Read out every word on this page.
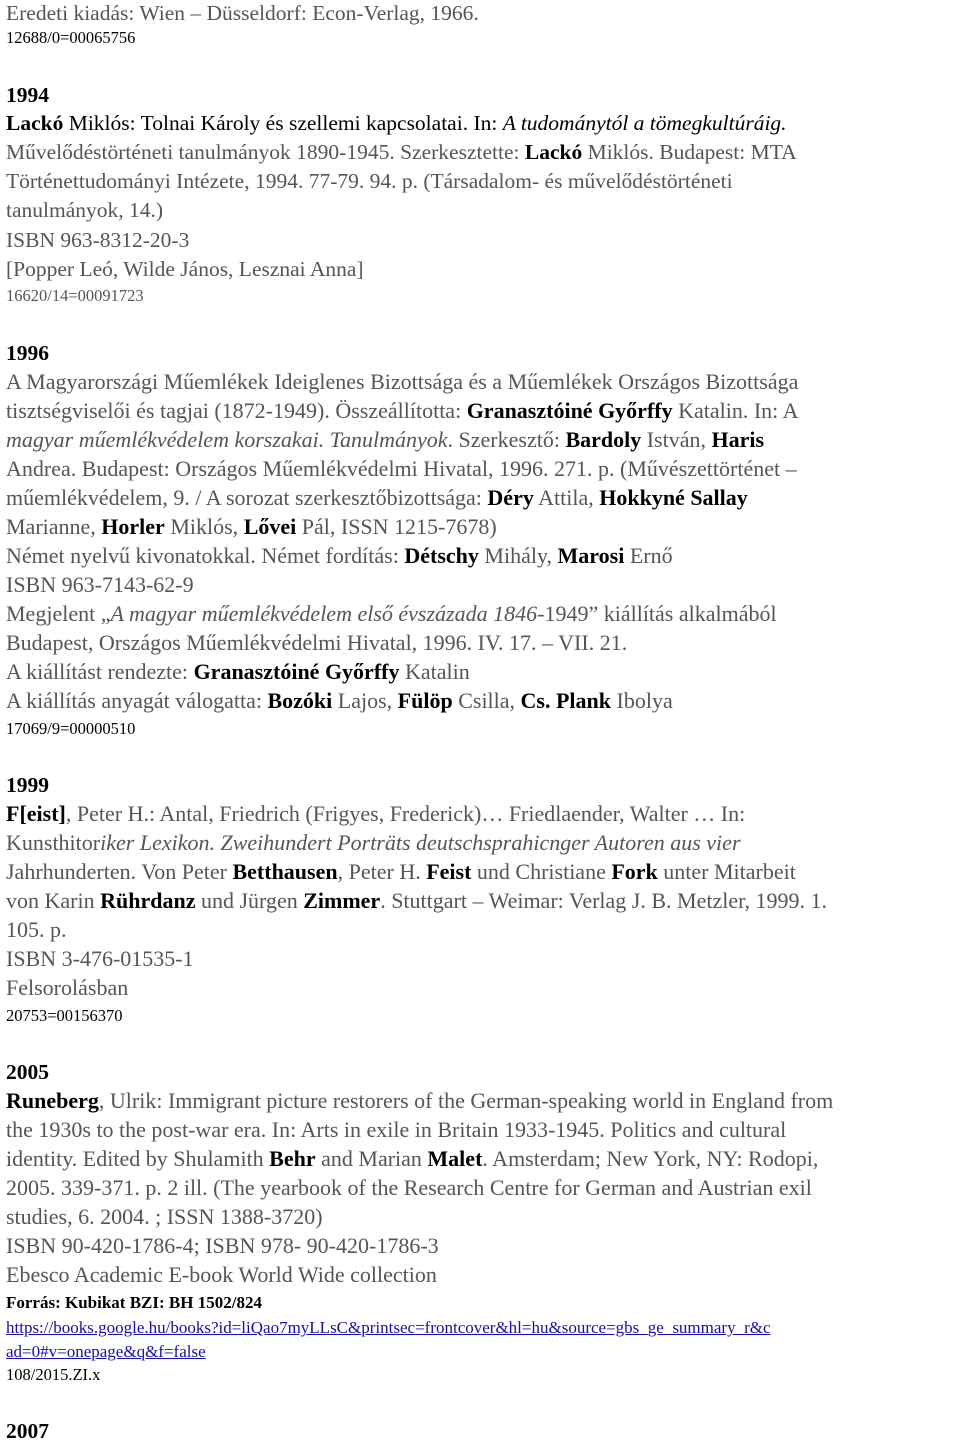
Eredeti kiadás: Wien – Düsseldorf: Econ-Verlag, 1966.
12688/0=00065756
1994
Lackó Miklós: Tolnai Károly és szellemi kapcsolatai. In: A tudománytól a tömegkultúráig.
Művelődéstörténeti tanulmányok 1890-1945. Szerkesztette: Lackó Miklós. Budapest: MTA
Történettudományi Intézete, 1994. 77-79. 94. p. (Társadalom- és művelődéstörténeti
tanulmányok, 14.)
ISBN 963-8312-20-3
[Popper Leó, Wilde János, Lesznai Anna]
16620/14=00091723
1996
A Magyarországi Műemlékek Ideiglenes Bizottsága és a Műemlékek Országos Bizottsága
tisztségviselői és tagjai (1872-1949). Összeállította: Granasztóiné Győrffy Katalin. In: A
magyar műemlékvédelem korszakai. Tanulmányok. Szerkesztő: Bardoly István, Haris
Andrea. Budapest: Országos Műemlékvédelmi Hivatal, 1996. 271. p. (Művészettörténet –
műemlékvédelem, 9. / A sorozat szerkesztőbizottsága: Déry Attila, Hokkyné Sallay
Marianne, Horler Miklós, Lővei Pál, ISSN 1215-7678)
Német nyelvű kivonatokkal. Német fordítás: Détschy Mihály, Marosi Ernő
ISBN 963-7143-62-9
Megjelent „A magyar műemlékvédelem első évszázada 1846-1949” kiállítás alkalmából
Budapest, Országos Műemlékvédelmi Hivatal, 1996. IV. 17. – VII. 21.
A kiállítást rendezte: Granasztóiné Győrffy Katalin
A kiállítás anyagát válogatta: Bozóki Lajos, Fülöp Csilla, Cs. Plank Ibolya
17069/9=00000510
1999
F[eist], Peter H.: Antal, Friedrich (Frigyes, Frederick)… Friedlaender, Walter … In:
Kunsthitoriker Lexikon. Zweihundert Porträts deutschsprahicnger Autoren aus vier
Jahrhunderten. Von Peter Betthausen, Peter H. Feist und Christiane Fork unter Mitarbeit
von Karin Rührdanz und Jürgen Zimmer. Stuttgart – Weimar: Verlag J. B. Metzler, 1999. 1.
105. p.
ISBN 3-476-01535-1
Felsorolásban
20753=00156370
2005
Runeberg, Ulrik: Immigrant picture restorers of the German-speaking world in England from
the 1930s to the post-war era. In: Arts in exile in Britain 1933-1945. Politics and cultural
identity. Edited by Shulamith Behr and Marian Malet. Amsterdam; New York, NY: Rodopi,
2005. 339-371. p. 2 ill. (The yearbook of the Research Centre for German and Austrian exil
studies, 6. 2004. ; ISSN 1388-3720)
ISBN 90-420-1786-4; ISBN 978- 90-420-1786-3
Ebesco Academic E-book World Wide collection
Forrás: Kubikat BZI: BH 1502/824
https://books.google.hu/books?id=liQao7myLLsC&printsec=frontcover&hl=hu&source=gbs_ge_summary_r&c
ad=0#v=onepage&q&f=false
108/2015.ZI.x
2007
